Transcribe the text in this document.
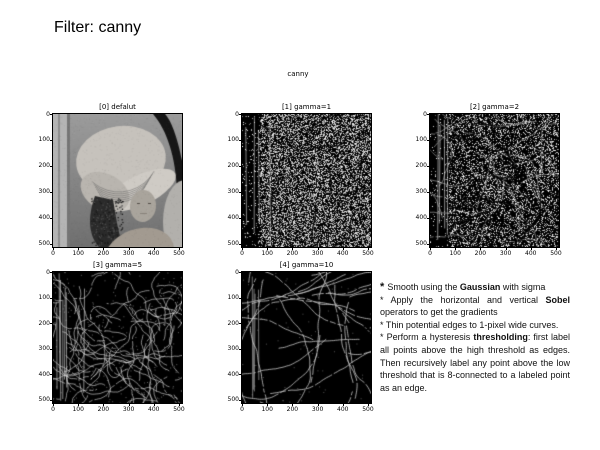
Filter: canny
canny
[0] defalut
0
100
200
300
400
500
0	100	200	300	400	500
[1] gamma=1
0
100
200
300
400
500
0	100	200	300	400	500
[2] gamma=2
0
100
200
300
400
500
0	100	200	300	400	500
[3] gamma=5
0
100
200
300
400
500
0	100	200	300	400	500
[4] gamma=10
0
100
200
300
400
500
0	100	200	300	400	500

* Smooth using the Gaussian with sigma

* Apply the horizontal and vertical Sobel operators to get the gradients

* Thin potential edges to 1-pixel wide curves.

* Perform a hysteresis thresholding: first label all points above the high threshold as edges. Then recursively label any point above the low threshold that is 8-connected to a labeled point as an edge.
